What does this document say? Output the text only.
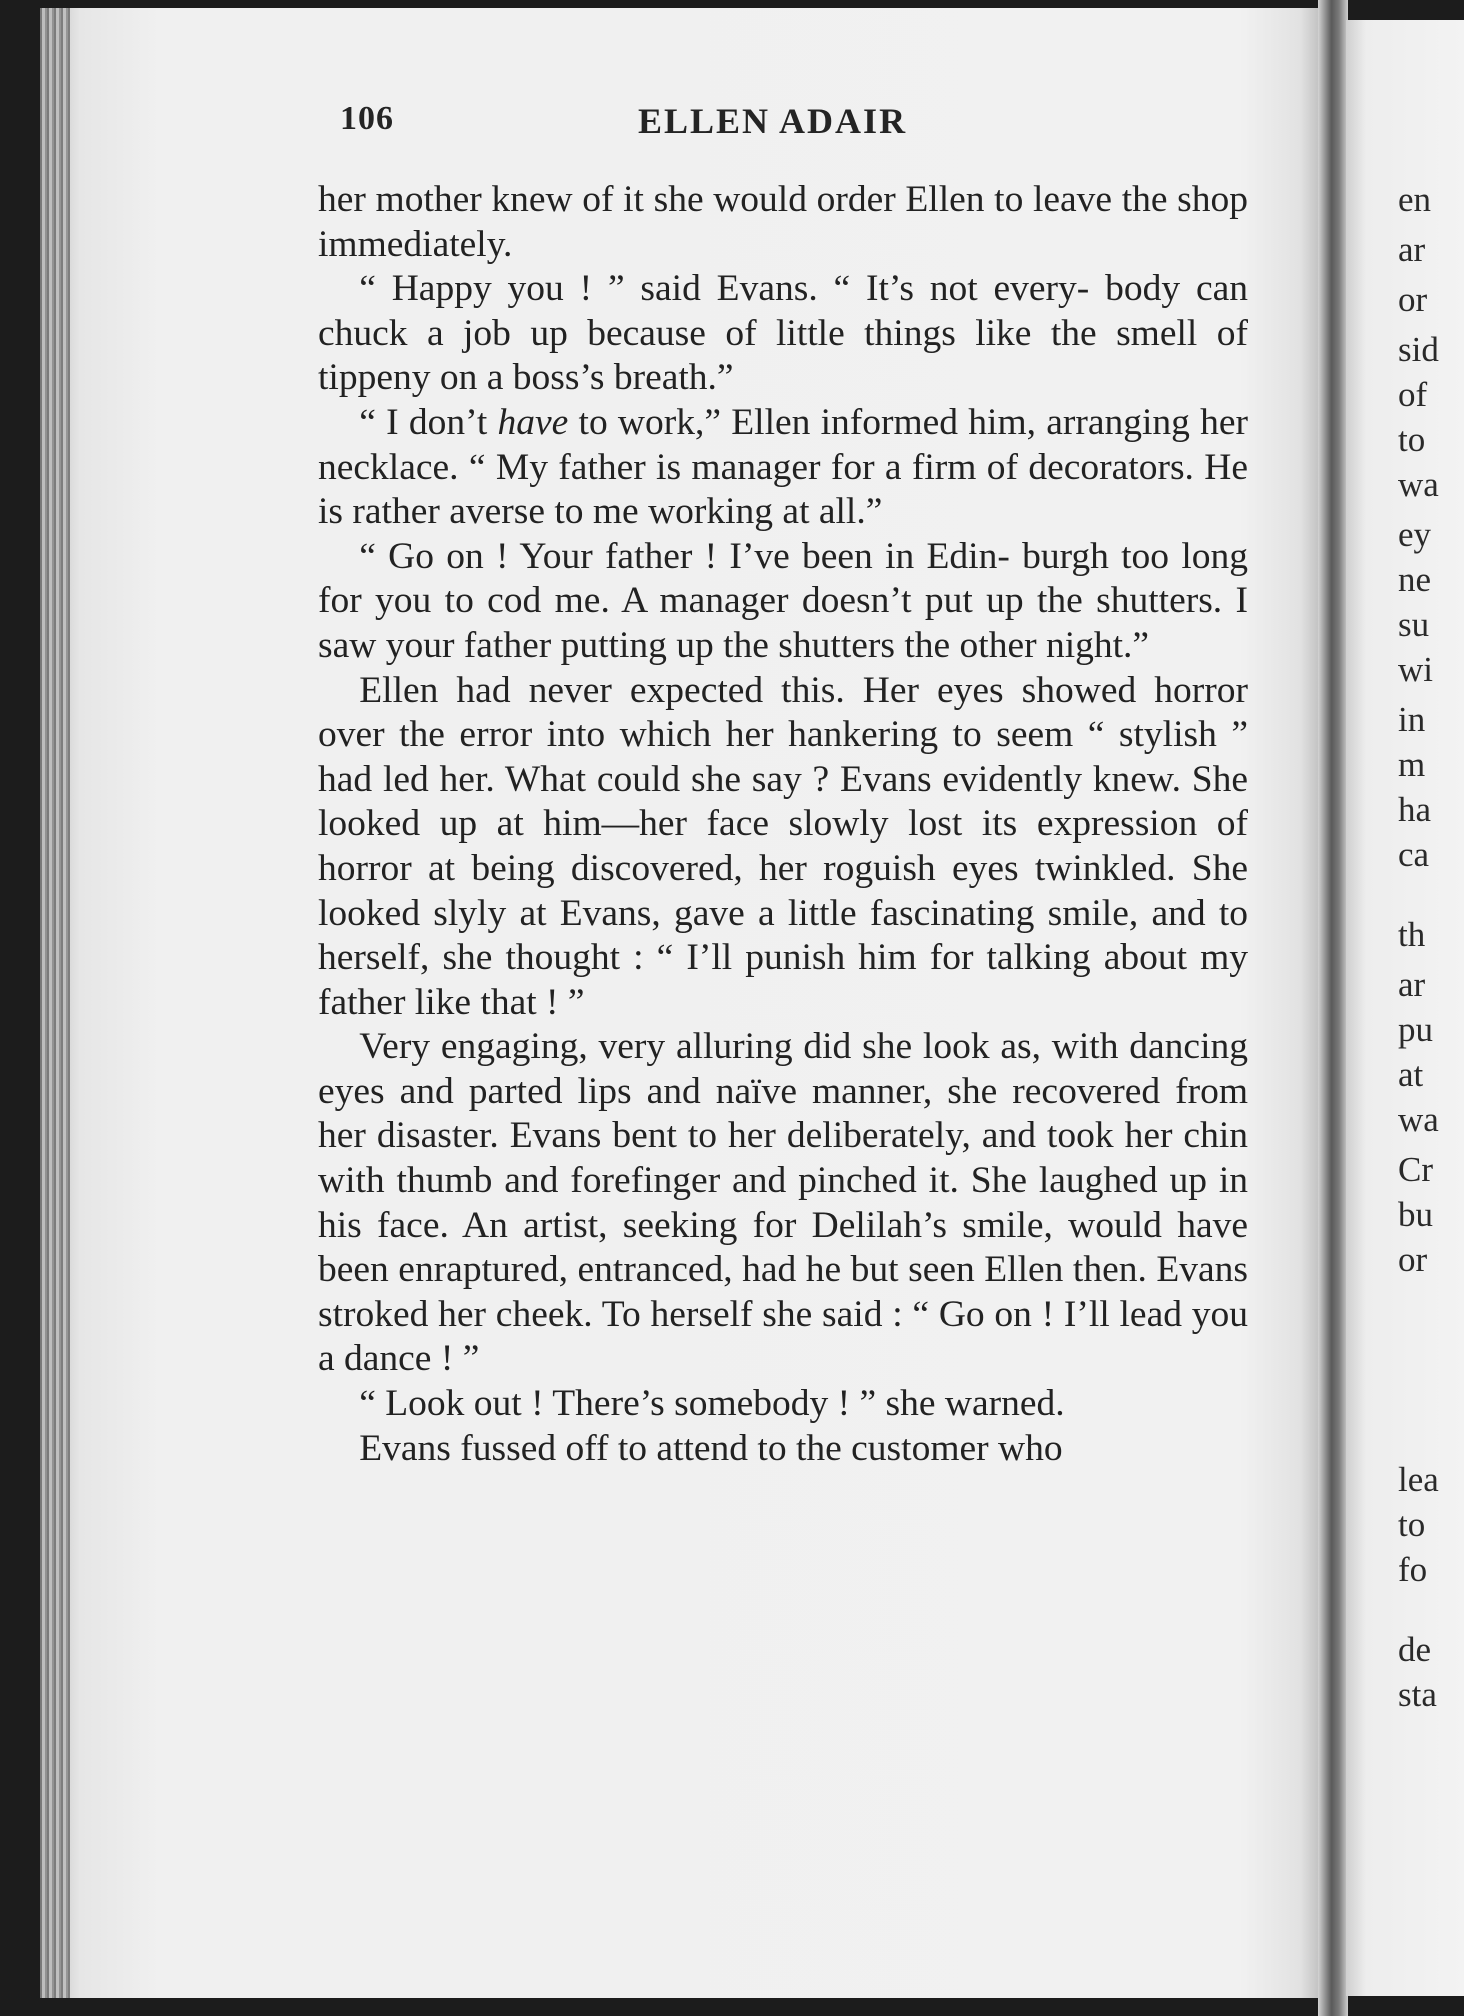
en
ar
or
sid
of
to
wa
ey
ne
su
wi
in
m
ha
ca
th
ar
pu
at
wa
Cr
bu
or
lea
to
fo
de
sta
106	ELLEN ADAIR

her mother knew of it she would order Ellen to leave the shop immediately.

“ Happy you ! ” said Evans. “ It’s not every- body can chuck a job up because of little things like the smell of tippeny on a boss’s breath.”

“ I don’t have to work,” Ellen informed him, arranging her necklace. “ My father is manager for a firm of decorators. He is rather averse to me working at all.”

“ Go on ! Your father ! I’ve been in Edin- burgh too long for you to cod me. A manager doesn’t put up the shutters. I saw your father putting up the shutters the other night.”

Ellen had never expected this. Her eyes showed horror over the error into which her hankering to seem “ stylish ” had led her. What could she say ? Evans evidently knew. She looked up at him—her face slowly lost its expression of horror at being discovered, her roguish eyes twinkled. She looked slyly at Evans, gave a little fascinating smile, and to herself, she thought : “ I’ll punish him for talking about my father like that ! ”

Very engaging, very alluring did she look as, with dancing eyes and parted lips and naïve manner, she recovered from her disaster. Evans bent to her deliberately, and took her chin with thumb and forefinger and pinched it. She laughed up in his face. An artist, seeking for Delilah’s smile, would have been enraptured, entranced, had he but seen Ellen then. Evans stroked her cheek. To herself she said : “ Go on ! I’ll lead you a dance ! ”

“ Look out ! There’s somebody ! ” she warned.

Evans fussed off to attend to the customer who
